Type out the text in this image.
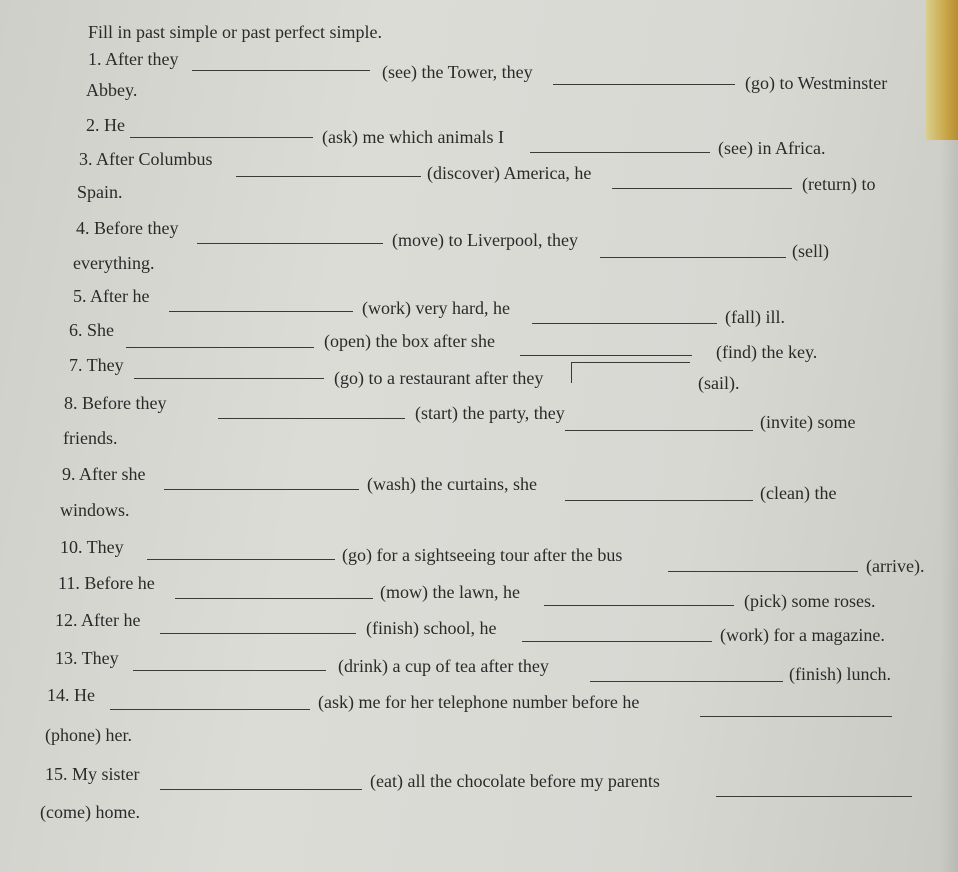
Fill in past simple or past perfect simple.
1. After they
(see) the Tower, they
(go) to Westminster
Abbey.
2. He
(ask) me which animals I
(see) in Africa.
3. After Columbus
(discover) America, he
(return) to
Spain.
4. Before they
(move) to Liverpool, they
(sell)
everything.
5. After he
(work) very hard, he	(fall) ill.
6. She
(open) the box after she
(find) the key.
7. They
(go) to a restaurant after they	(sail).
8. Before they	(start) the party, they	(invite) some
friends.
9. After she	(wash) the curtains, she	(clean) the
windows.
10. They	(go) for a sightseeing tour after the bus
(arrive).
11. Before he	(mow) the lawn, he	(pick) some roses.
12. After he	(finish) school, he	(work) for a magazine.
13. They	(drink) a cup of tea after they	(finish) lunch.
14. He	(ask) me for her telephone number before he
(phone) her.
15. My sister	(eat) all the chocolate before my parents
(come) home.
